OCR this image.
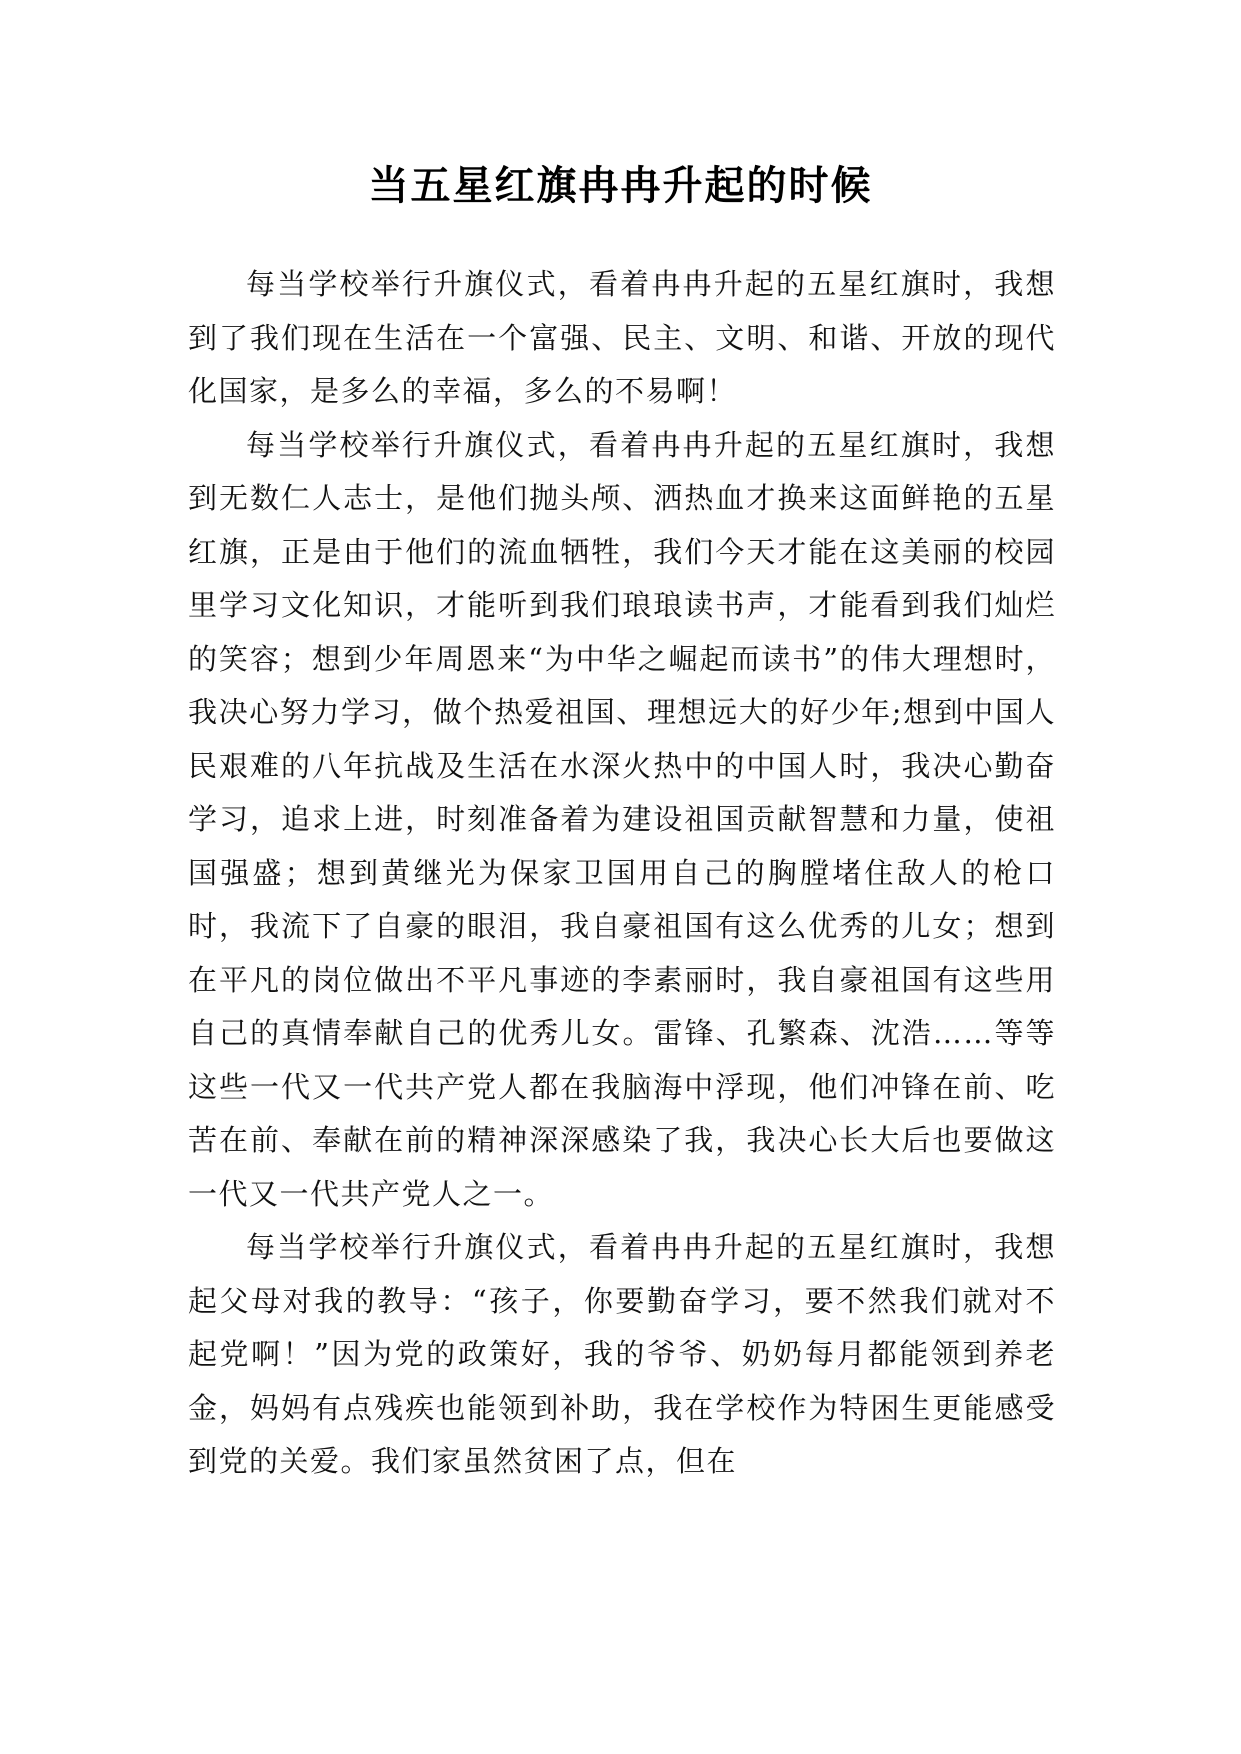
当五星红旗冉冉升起的时候

每当学校举行升旗仪式，看着冉冉升起的五星红旗时，我想到了我们现在生活在一个富强、民主、文明、和谐、开放的现代化国家，是多么的幸福，多么的不易啊！

每当学校举行升旗仪式，看着冉冉升起的五星红旗时，我想到无数仁人志士，是他们抛头颅、洒热血才换来这面鲜艳的五星红旗，正是由于他们的流血牺牲，我们今天才能在这美丽的校园里学习文化知识，才能听到我们琅琅读书声，才能看到我们灿烂的笑容；想到少年周恩来“为中华之崛起而读书”的伟大理想时，我决心努力学习，做个热爱祖国、理想远大的好少年;想到中国人民艰难的八年抗战及生活在水深火热中的中国人时，我决心勤奋学习，追求上进，时刻准备着为建设祖国贡献智慧和力量，使祖国强盛；想到黄继光为保家卫国用自己的胸膛堵住敌人的枪口时，我流下了自豪的眼泪，我自豪祖国有这么优秀的儿女；想到在平凡的岗位做出不平凡事迹的李素丽时，我自豪祖国有这些用自己的真情奉献自己的优秀儿女。雷锋、孔繁森、沈浩……等等这些一代又一代共产党人都在我脑海中浮现，他们冲锋在前、吃苦在前、奉献在前的精神深深感染了我，我决心长大后也要做这一代又一代共产党人之一。

每当学校举行升旗仪式，看着冉冉升起的五星红旗时，我想起父母对我的教导：“孩子，你要勤奋学习，要不然我们就对不起党啊！”因为党的政策好，我的爷爷、奶奶每月都能领到养老金，妈妈有点残疾也能领到补助，我在学校作为特困生更能感受到党的关爱。我们家虽然贫困了点，但在
